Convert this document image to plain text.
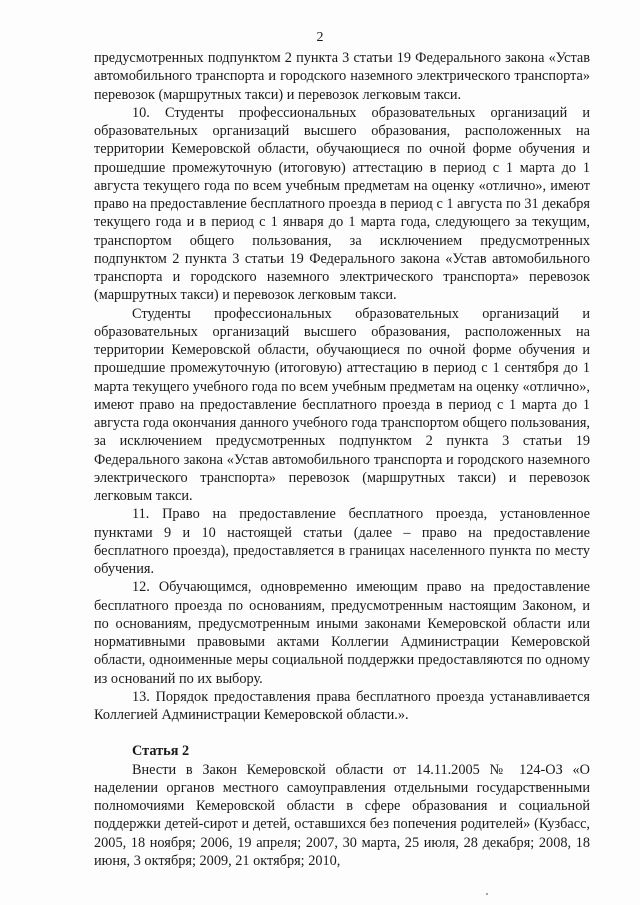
2

предусмотренных подпунктом 2 пункта 3 статьи 19 Федерального закона «Устав автомобильного транспорта и городского наземного электрического транспорта» перевозок (маршрутных такси) и перевозок легковым такси.

10. Студенты профессиональных образовательных организаций и образовательных организаций высшего образования, расположенных на территории Кемеровской области, обучающиеся по очной форме обучения и прошедшие промежуточную (итоговую) аттестацию в период с 1 марта до 1 августа текущего года по всем учебным предметам на оценку «отлично», имеют право на предоставление бесплатного проезда в период с 1 августа по 31 декабря текущего года и в период с 1 января до 1 марта года, следующего за текущим, транспортом общего пользования, за исключением предусмотренных подпунктом 2 пункта 3 статьи 19 Федерального закона «Устав автомобильного транспорта и городского наземного электрического транспорта» перевозок (маршрутных такси) и перевозок легковым такси.

Студенты профессиональных образовательных организаций и образовательных организаций высшего образования, расположенных на территории Кемеровской области, обучающиеся по очной форме обучения и прошедшие промежуточную (итоговую) аттестацию в период с 1 сентября до 1 марта текущего учебного года по всем учебным предметам на оценку «отлично», имеют право на предоставление бесплатного проезда в период с 1 марта до 1 августа года окончания данного учебного года транспортом общего пользования, за исключением предусмотренных подпунктом 2 пункта 3 статьи 19 Федерального закона «Устав автомобильного транспорта и городского наземного электрического транспорта» перевозок (маршрутных такси) и перевозок легковым такси.

11. Право на предоставление бесплатного проезда, установленное пунктами 9 и 10 настоящей статьи (далее – право на предоставление бесплатного проезда), предоставляется в границах населенного пункта по месту обучения.

12. Обучающимся, одновременно имеющим право на предоставление бесплатного проезда по основаниям, предусмотренным настоящим Законом, и по основаниям, предусмотренным иными законами Кемеровской области или нормативными правовыми актами Коллегии Администрации Кемеровской области, одноименные меры социальной поддержки предоставляются по одному из оснований по их выбору.

13. Порядок предоставления права бесплатного проезда устанавливается Коллегией Администрации Кемеровской области.».

Статья 2

Внести в Закон Кемеровской области от 14.11.2005 № 124-ОЗ «О наделении органов местного самоуправления отдельными государственными полномочиями Кемеровской области в сфере образования и социальной поддержки детей-сирот и детей, оставшихся без попечения родителей» (Кузбасс, 2005, 18 ноября; 2006, 19 апреля; 2007, 30 марта, 25 июля, 28 декабря; 2008, 18 июня, 3 октября; 2009, 21 октября; 2010,
